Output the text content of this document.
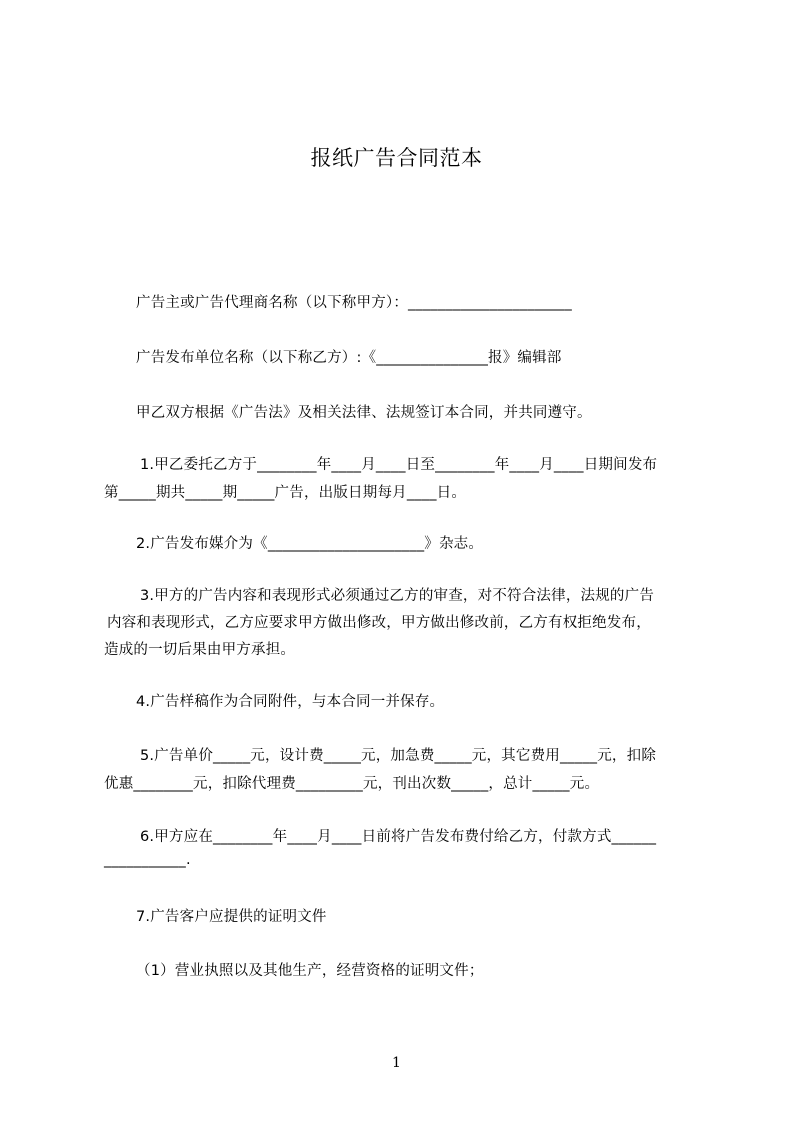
报纸广告合同范本
广告主或广告代理商名称（以下称甲方）：______________________
广告发布单位名称（以下称乙方）:《_______________报》编辑部
甲乙双方根据《广告法》及相关法律、法规签订本合同，并共同遵守。
1.甲乙委托乙方于________年____月____日至________年____月____日期间发布
第_____期共_____期_____广告，出版日期每月____日。
2.广告发布媒介为《_____________________》杂志。
3.甲方的广告内容和表现形式必须通过乙方的审查，对不符合法律，法规的广告
内容和表现形式，乙方应要求甲方做出修改，甲方做出修改前，乙方有权拒绝发布，
造成的一切后果由甲方承担。
4.广告样稿作为合同附件，与本合同一并保存。
5.广告单价_____元，设计费_____元，加急费_____元，其它费用_____元，扣除
优惠________元，扣除代理费_________元，刊出次数_____，总计_____元。
6.甲方应在________年____月____日前将广告发布费付给乙方，付款方式______
___________.
7.广告客户应提供的证明文件
（1）营业执照以及其他生产，经营资格的证明文件；
1
